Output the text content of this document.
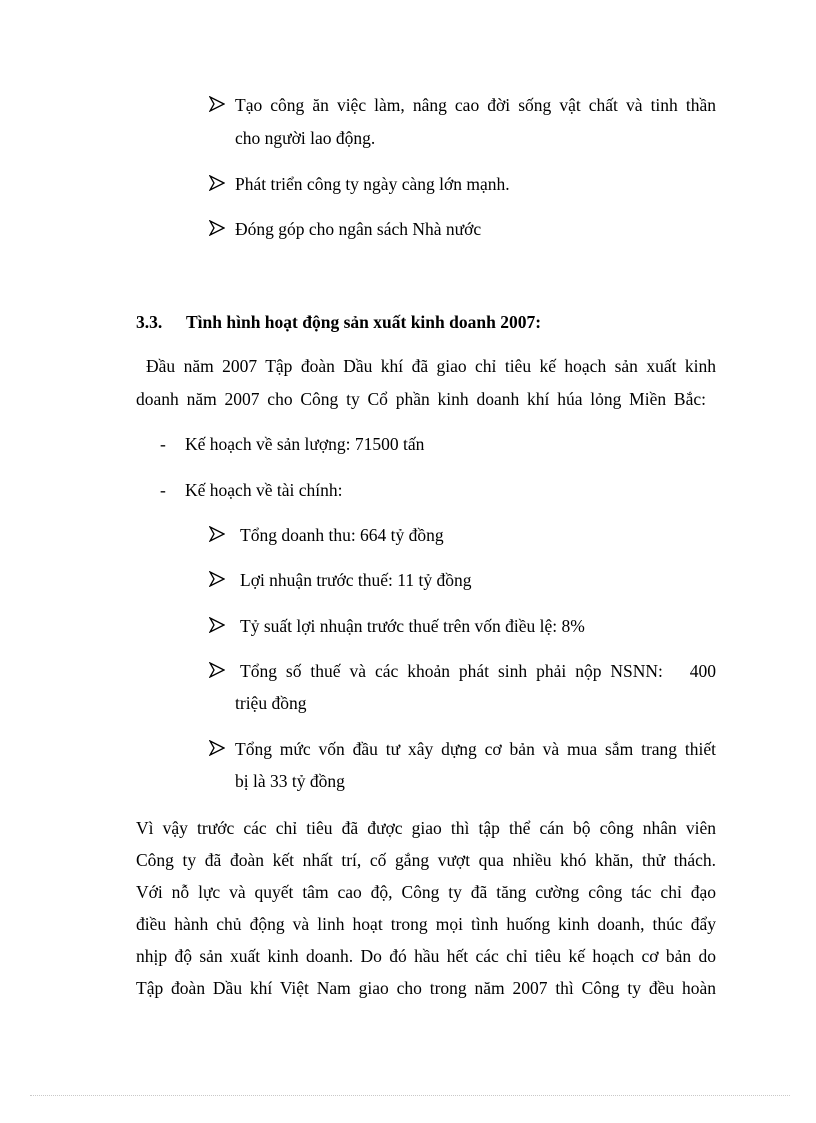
Tạo công ăn việc làm, nâng cao đời sống vật chất và tinh thần
cho người lao động.
Phát triển công ty ngày càng lớn mạnh.
Đóng góp cho ngân sách Nhà nước
3.3. Tình hình hoạt động sản xuất kinh doanh 2007:
Đầu năm 2007 Tập đoàn Dầu khí đã giao chỉ tiêu kế hoạch sản xuất kinh
doanh năm 2007 cho Công ty Cổ phần kinh doanh khí húa lỏng Miền Bắc:
- Kế hoạch về sản lượng: 71500 tấn
- Kế hoạch về tài chính:
Tổng doanh thu: 664 tỷ đồng
Lợi nhuận trước thuế: 11 tỷ đồng
Tỷ suất lợi nhuận trước thuế trên vốn điều lệ: 8%
Tổng số thuế và các khoản phát sinh phải nộp NSNN:   400
triệu đồng
Tổng mức vốn đầu tư xây dựng cơ bản và mua sắm trang thiết
bị là 33 tỷ đồng
Vì vậy trước các chỉ tiêu đã được giao thì tập thể cán bộ công nhân viên
Công ty đã đoàn kết nhất trí, cố gắng vượt qua nhiều khó khăn, thử thách.
Với nỗ lực và quyết tâm cao độ, Công ty đã tăng cường công tác chỉ đạo
điều hành chủ động và linh hoạt trong mọi tình huống kinh doanh, thúc đẩy
nhịp độ sản xuất kinh doanh. Do đó hầu hết các chỉ tiêu kế hoạch cơ bản do
Tập đoàn Dầu khí Việt Nam giao cho trong năm 2007 thì Công ty đều hoàn
